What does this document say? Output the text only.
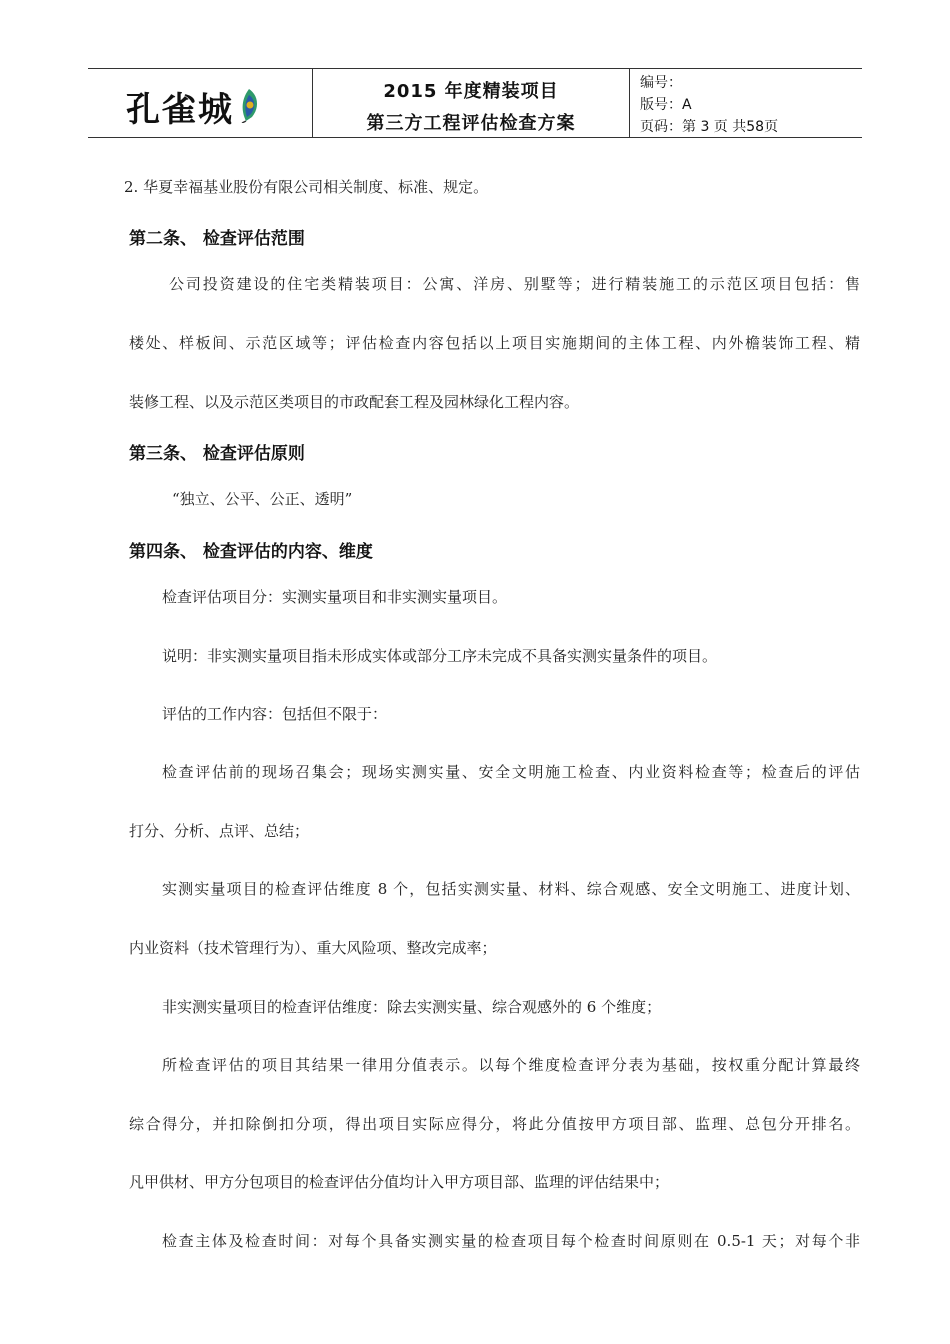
孔雀城	2015 年度精装项目
第三方工程评估检查方案
编号：
版号：A
页码：第 3 页 共58页
2. 华夏幸福基业股份有限公司相关制度、标准、规定。
第二条、 检查评估范围
公司投资建设的住宅类精装项目：公寓、洋房、别墅等；进行精装施工的示范区项目包括：售
楼处、样板间、示范区域等；评估检查内容包括以上项目实施期间的主体工程、内外檐装饰工程、精
装修工程、以及示范区类项目的市政配套工程及园林绿化工程内容。
第三条、 检查评估原则
“独立、公平、公正、透明”
第四条、 检查评估的内容、维度
检查评估项目分：实测实量项目和非实测实量项目。
说明：非实测实量项目指未形成实体或部分工序未完成不具备实测实量条件的项目。
评估的工作内容：包括但不限于：
检查评估前的现场召集会；现场实测实量、安全文明施工检查、内业资料检查等；检查后的评估
打分、分析、点评、总结；
实测实量项目的检查评估维度 8 个，包括实测实量、材料、综合观感、安全文明施工、进度计划、
内业资料（技术管理行为）、重大风险项、整改完成率；
非实测实量项目的检查评估维度：除去实测实量、综合观感外的 6 个维度；
所检查评估的项目其结果一律用分值表示。以每个维度检查评分表为基础，按权重分配计算最终
综合得分，并扣除倒扣分项，得出项目实际应得分，将此分值按甲方项目部、监理、总包分开排名。
凡甲供材、甲方分包项目的检查评估分值均计入甲方项目部、监理的评估结果中；
检查主体及检查时间：对每个具备实测实量的检查项目每个检查时间原则在 0.5-1 天；对每个非
